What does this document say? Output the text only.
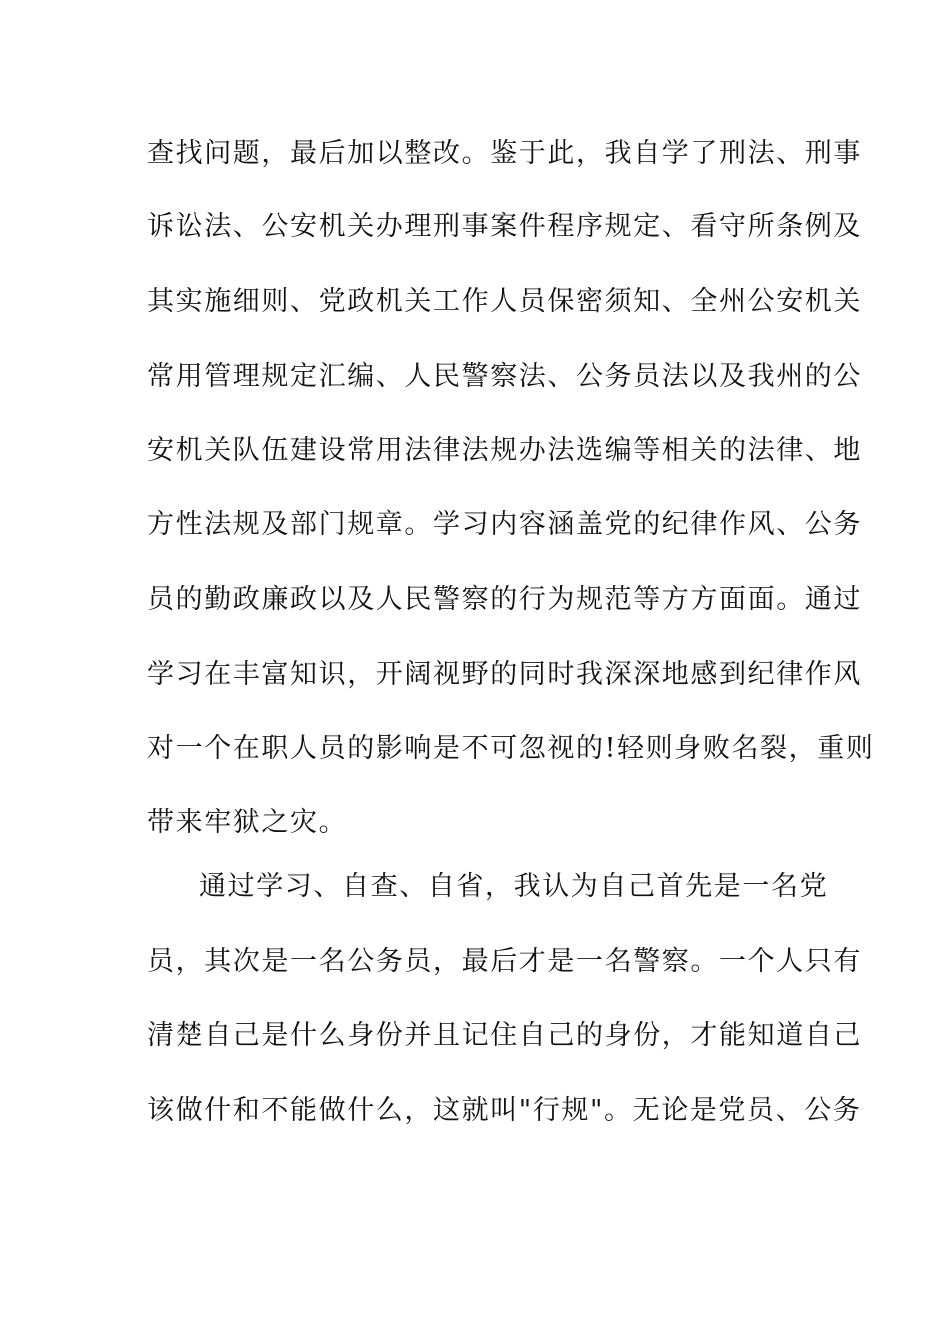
查找问题，最后加以整改。鉴于此，我自学了刑法、刑事
诉讼法、公安机关办理刑事案件程序规定、看守所条例及
其实施细则、党政机关工作人员保密须知、全州公安机关
常用管理规定汇编、人民警察法、公务员法以及我州的公
安机关队伍建设常用法律法规办法选编等相关的法律、地
方性法规及部门规章。学习内容涵盖党的纪律作风、公务
员的勤政廉政以及人民警察的行为规范等方方面面。通过
学习在丰富知识，开阔视野的同时我深深地感到纪律作风
对一个在职人员的影响是不可忽视的!轻则身败名裂，重则
带来牢狱之灾。
通过学习、自查、自省，我认为自己首先是一名党
员，其次是一名公务员，最后才是一名警察。一个人只有
清楚自己是什么身份并且记住自己的身份，才能知道自己
该做什和不能做什么，这就叫"行规"。无论是党员、公务
